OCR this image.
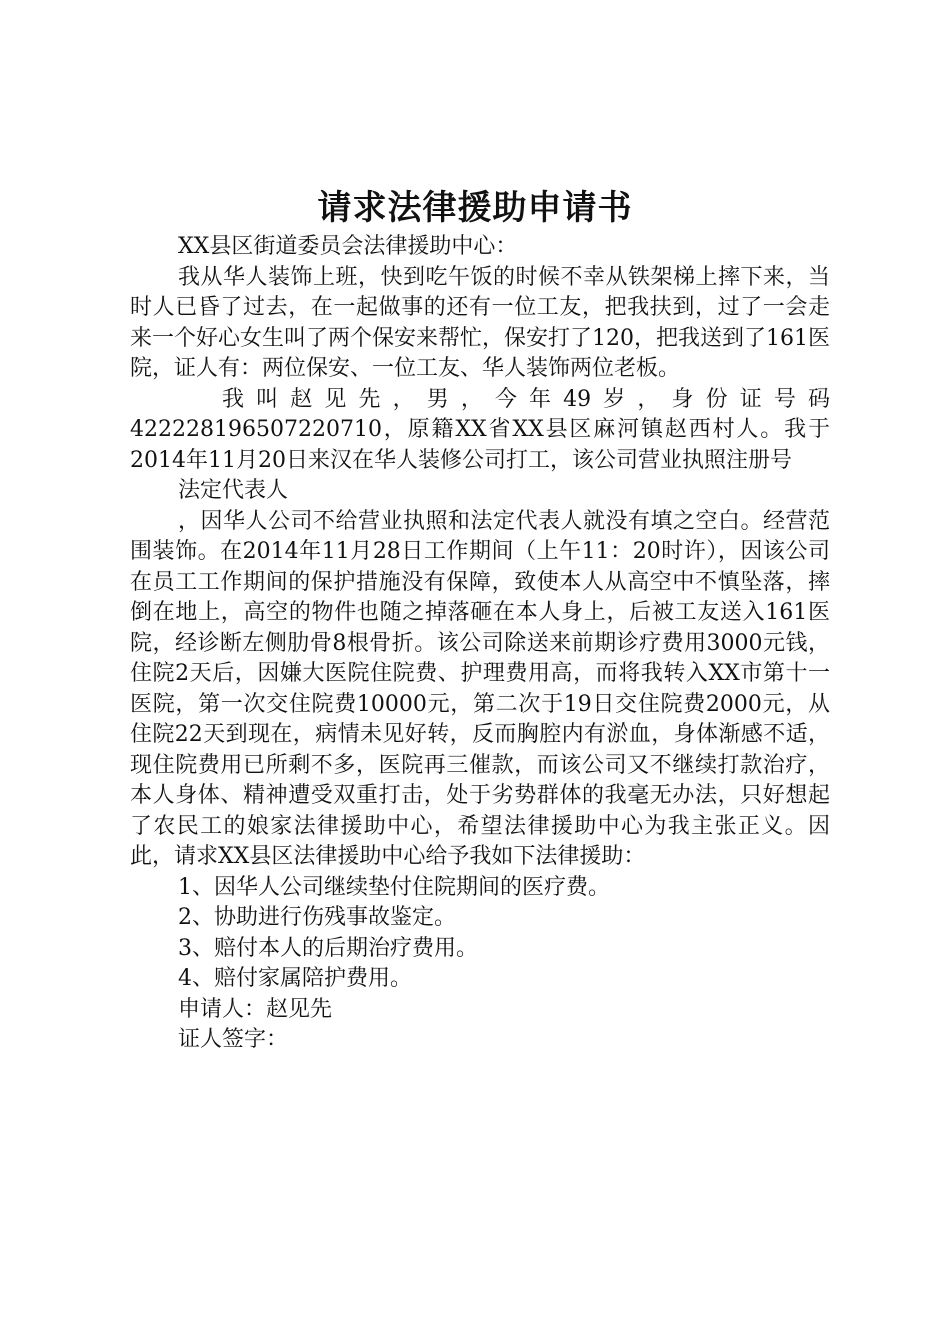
请求法律援助申请书

XX县区街道委员会法律援助中心：

我从华人装饰上班，快到吃午饭的时候不幸从铁架梯上摔下来，当时人已昏了过去，在一起做事的还有一位工友，把我扶到，过了一会走来一个好心女生叫了两个保安来帮忙，保安打了120，把我送到了161医院，证人有：两位保安、一位工友、华人装饰两位老板。

我叫赵见先，男，今年49岁，身份证号码

422228196507220710，原籍XX省XX县区麻河镇赵西村人。我于2014年11月20日来汉在华人装修公司打工，该公司营业执照注册号

法定代表人

，因华人公司不给营业执照和法定代表人就没有填之空白。经营范围装饰。在2014年11月28日工作期间（上午11：20时许），因该公司在员工工作期间的保护措施没有保障，致使本人从高空中不慎坠落，摔倒在地上，高空的物件也随之掉落砸在本人身上，后被工友送入161医院，经诊断左侧肋骨8根骨折。该公司除送来前期诊疗费用3000元钱，住院2天后，因嫌大医院住院费、护理费用高，而将我转入XX市第十一医院，第一次交住院费10000元，第二次于19日交住院费2000元，从住院22天到现在，病情未见好转，反而胸腔内有淤血，身体渐感不适，现住院费用已所剩不多，医院再三催款，而该公司又不继续打款治疗，本人身体、精神遭受双重打击，处于劣势群体的我毫无办法，只好想起了农民工的娘家法律援助中心，希望法律援助中心为我主张正义。因此，请求XX县区法律援助中心给予我如下法律援助：

1、因华人公司继续垫付住院期间的医疗费。

2、协助进行伤残事故鉴定。

3、赔付本人的后期治疗费用。

4、赔付家属陪护费用。

申请人：赵见先

证人签字：
